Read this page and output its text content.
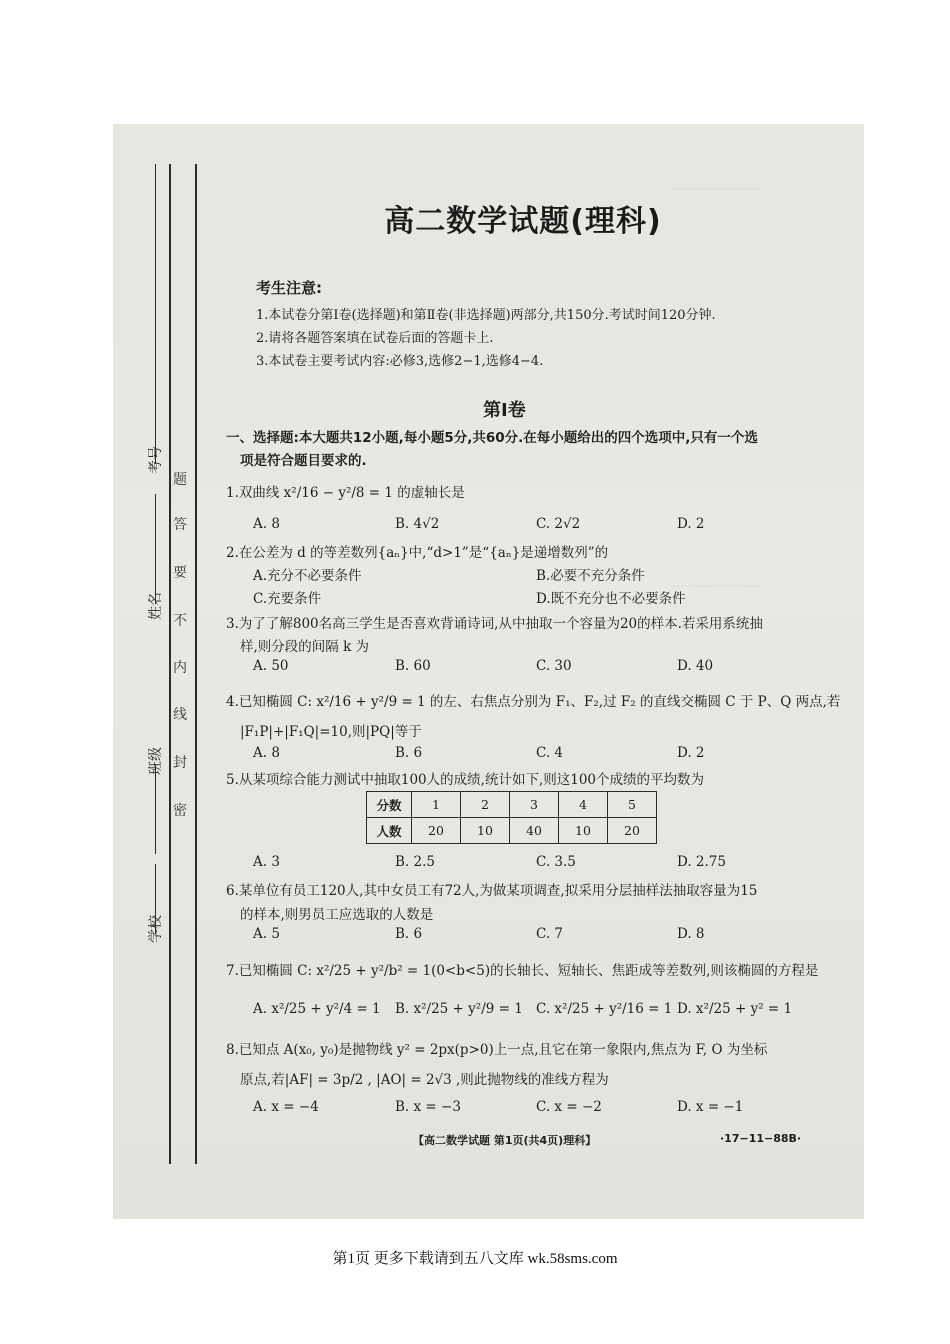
考号
姓名
班级
学校
题
答
要
不
内
线
封
密
⋯⋯⋯⋯⋯⋯⋯⋯
⋯⋯⋯⋯⋯⋯⋯⋯
高二数学试题(理科)
考生注意:
1.本试卷分第Ⅰ卷(选择题)和第Ⅱ卷(非选择题)两部分,共150分.考试时间120分钟.
2.请将各题答案填在试卷后面的答题卡上.
3.本试卷主要考试内容:必修3,选修2−1,选修4−4.
第Ⅰ卷
一、选择题:本大题共12小题,每小题5分,共60分.在每小题给出的四个选项中,只有一个选
项是符合题目要求的.
1.双曲线 x²/16 − y²/8 = 1 的虚轴长是
A. 8	B. 4√2	C. 2√2	D. 2
2.在公差为 d 的等差数列{aₙ}中,“d>1”是“{aₙ}是递增数列”的
A.充分不必要条件	B.必要不充分条件
C.充要条件	D.既不充分也不必要条件
3.为了了解800名高三学生是否喜欢背诵诗词,从中抽取一个容量为20的样本.若采用系统抽
样,则分段的间隔 k 为
A. 50	B. 60	C. 30	D. 40
4.已知椭圆 C: x²/16 + y²/9 = 1 的左、右焦点分别为 F₁、F₂,过 F₂ 的直线交椭圆 C 于 P、Q 两点,若
|F₁P|+|F₁Q|=10,则|PQ|等于
A. 8	B. 6	C. 4	D. 2
5.从某项综合能力测试中抽取100人的成绩,统计如下,则这100个成绩的平均数为
分数	1	2	3	4	5
人数	20	10	40	10	20
A. 3	B. 2.5	C. 3.5	D. 2.75
6.某单位有员工120人,其中女员工有72人,为做某项调查,拟采用分层抽样法抽取容量为15
的样本,则男员工应选取的人数是
A. 5	B. 6	C. 7	D. 8
7.已知椭圆 C: x²/25 + y²/b² = 1(0<b<5)的长轴长、短轴长、焦距成等差数列,则该椭圆的方程是
A. x²/25 + y²/4 = 1 B. x²/25 + y²/9 = 1 C. x²/25 + y²/16 = 1 D. x²/25 + y² = 1
8.已知点 A(x₀, y₀)是抛物线 y² = 2px(p>0)上一点,且它在第一象限内,焦点为 F, O 为坐标
原点,若|AF| = 3p/2 , |AO| = 2√3 ,则此抛物线的准线方程为
A. x = −4	B. x = −3	C. x = −2	D. x = −1
【高二数学试题 第1页(共4页)理科】	·17−11−88B·
第1页 更多下载请到五八文库 wk.58sms.com
